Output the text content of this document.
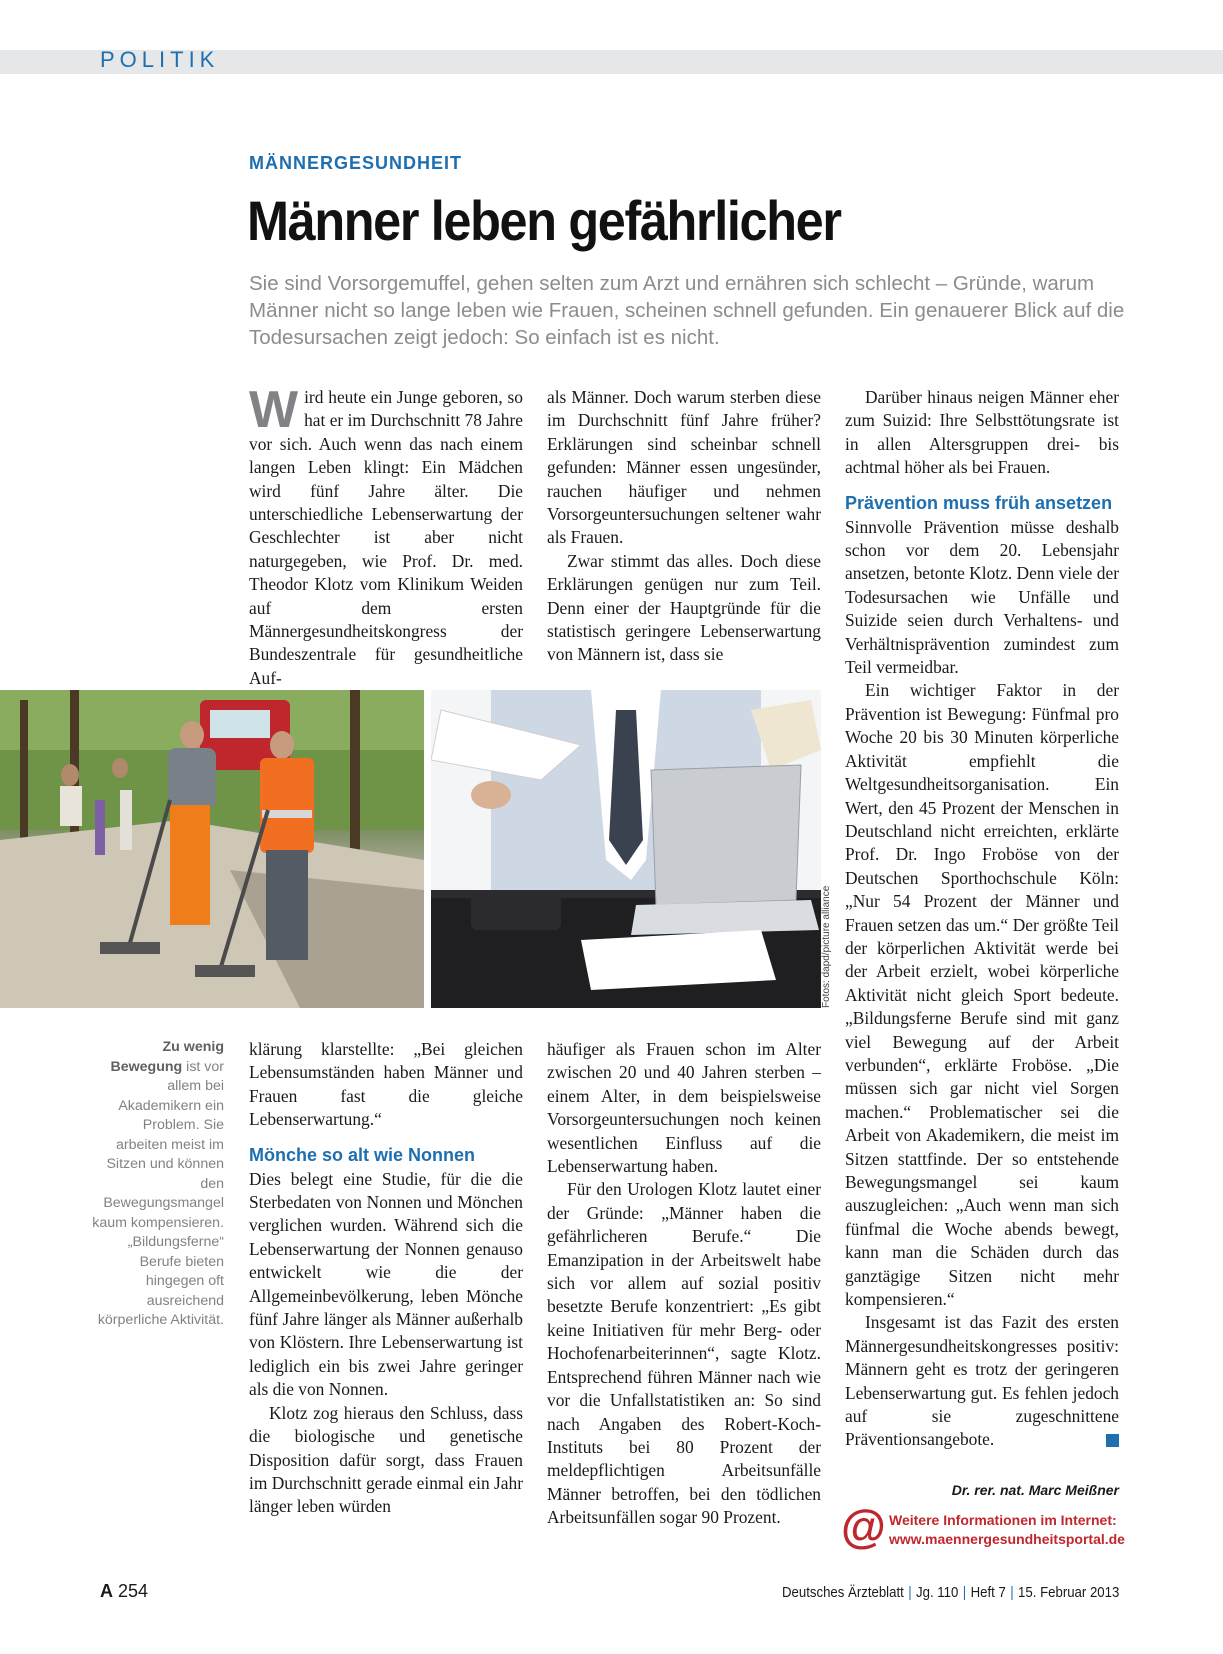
POLITIK
MÄNNERGESUNDHEIT
Männer leben gefährlicher

Sie sind Vorsorgemuffel, gehen selten zum Arzt und ernähren sich schlecht – Gründe, warum Männer nicht so lange leben wie Frauen, scheinen schnell gefunden. Ein genauerer Blick auf die Todesursachen zeigt jedoch: So einfach ist es nicht.

Wird heute ein Junge geboren, so hat er im Durchschnitt 78 Jahre vor sich. Auch wenn das nach einem langen Leben klingt: Ein Mädchen wird fünf Jahre älter. Die unterschiedliche Lebenserwartung der Geschlechter ist aber nicht naturgegeben, wie Prof. Dr. med. Theodor Klotz vom Klinikum Weiden auf dem ersten Männergesundheitskongress der Bundeszentrale für gesundheitliche Auf-

als Männer. Doch warum sterben diese im Durchschnitt fünf Jahre früher? Erklärungen sind scheinbar schnell gefunden: Männer essen ungesünder, rauchen häufiger und nehmen Vorsorgeuntersuchungen seltener wahr als Frauen.

Zwar stimmt das alles. Doch diese Erklärungen genügen nur zum Teil. Denn einer der Hauptgründe für die statistisch geringere Lebenserwartung von Männern ist, dass sie

Fotos: dapd/picture alliance
Zu wenig Bewegung ist vor allem bei Akademikern ein Problem. Sie arbeiten meist im Sitzen und können den Bewegungsmangel kaum kompensieren. „Bildungsferne“ Berufe bieten hingegen oft ausreichend körperliche Aktivität.

klärung klarstellte: „Bei gleichen Lebensumständen haben Männer und Frauen fast die gleiche Lebenserwartung.“

Mönche so alt wie Nonnen

Dies belegt eine Studie, für die die Sterbedaten von Nonnen und Mönchen verglichen wurden. Während sich die Lebenserwartung der Nonnen genauso entwickelt wie die der Allgemeinbevölkerung, leben Mönche fünf Jahre länger als Männer außerhalb von Klöstern. Ihre Lebenserwartung ist lediglich ein bis zwei Jahre geringer als die von Nonnen.

Klotz zog hieraus den Schluss, dass die biologische und genetische Disposition dafür sorgt, dass Frauen im Durchschnitt gerade einmal ein Jahr länger leben würden

häufiger als Frauen schon im Alter zwischen 20 und 40 Jahren sterben – einem Alter, in dem beispielsweise Vorsorgeuntersuchungen noch keinen wesentlichen Einfluss auf die Lebenserwartung haben.

Für den Urologen Klotz lautet einer der Gründe: „Männer haben die gefährlicheren Berufe.“ Die Emanzipation in der Arbeitswelt habe sich vor allem auf sozial positiv besetzte Berufe konzentriert: „Es gibt keine Initiativen für mehr Berg- oder Hochofenarbeiterinnen“, sagte Klotz. Entsprechend führen Männer nach wie vor die Unfallstatistiken an: So sind nach Angaben des Robert-Koch-Instituts bei 80 Prozent der meldepflichtigen Arbeitsunfälle Männer betroffen, bei den tödlichen Arbeitsunfällen sogar 90 Prozent.

Darüber hinaus neigen Männer eher zum Suizid: Ihre Selbsttötungsrate ist in allen Altersgruppen drei- bis achtmal höher als bei Frauen.

Prävention muss früh ansetzen

Sinnvolle Prävention müsse deshalb schon vor dem 20. Lebensjahr ansetzen, betonte Klotz. Denn viele der Todesursachen wie Unfälle und Suizide seien durch Verhaltens- und Verhältnisprävention zumindest zum Teil vermeidbar.

Ein wichtiger Faktor in der Prävention ist Bewegung: Fünfmal pro Woche 20 bis 30 Minuten körperliche Aktivität empfiehlt die Weltgesundheitsorganisation. Ein Wert, den 45 Prozent der Menschen in Deutschland nicht erreichten, erklärte Prof. Dr. Ingo Froböse von der Deutschen Sporthochschule Köln: „Nur 54 Prozent der Männer und Frauen setzen das um.“ Der größte Teil der körperlichen Aktivität werde bei der Arbeit erzielt, wobei körperliche Aktivität nicht gleich Sport bedeute. „Bildungsferne Berufe sind mit ganz viel Bewegung auf der Arbeit verbunden“, erklärte Froböse. „Die müssen sich gar nicht viel Sorgen machen.“ Problematischer sei die Arbeit von Akademikern, die meist im Sitzen stattfinde. Der so entstehende Bewegungsmangel sei kaum auszugleichen: „Auch wenn man sich fünfmal die Woche abends bewegt, kann man die Schäden durch das ganztägige Sitzen nicht mehr kompensieren.“

Insgesamt ist das Fazit des ersten Männergesundheitskongresses positiv: Männern geht es trotz der geringeren Lebenserwartung gut. Es fehlen jedoch auf sie zugeschnittene Präventionsangebote.

Dr. rer. nat. Marc Meißner
@ Weitere Informationen im Internet:
www.maennergesundheitsportal.de
A 254	Deutsches Ärzteblatt | Jg. 110 | Heft 7 | 15. Februar 2013
